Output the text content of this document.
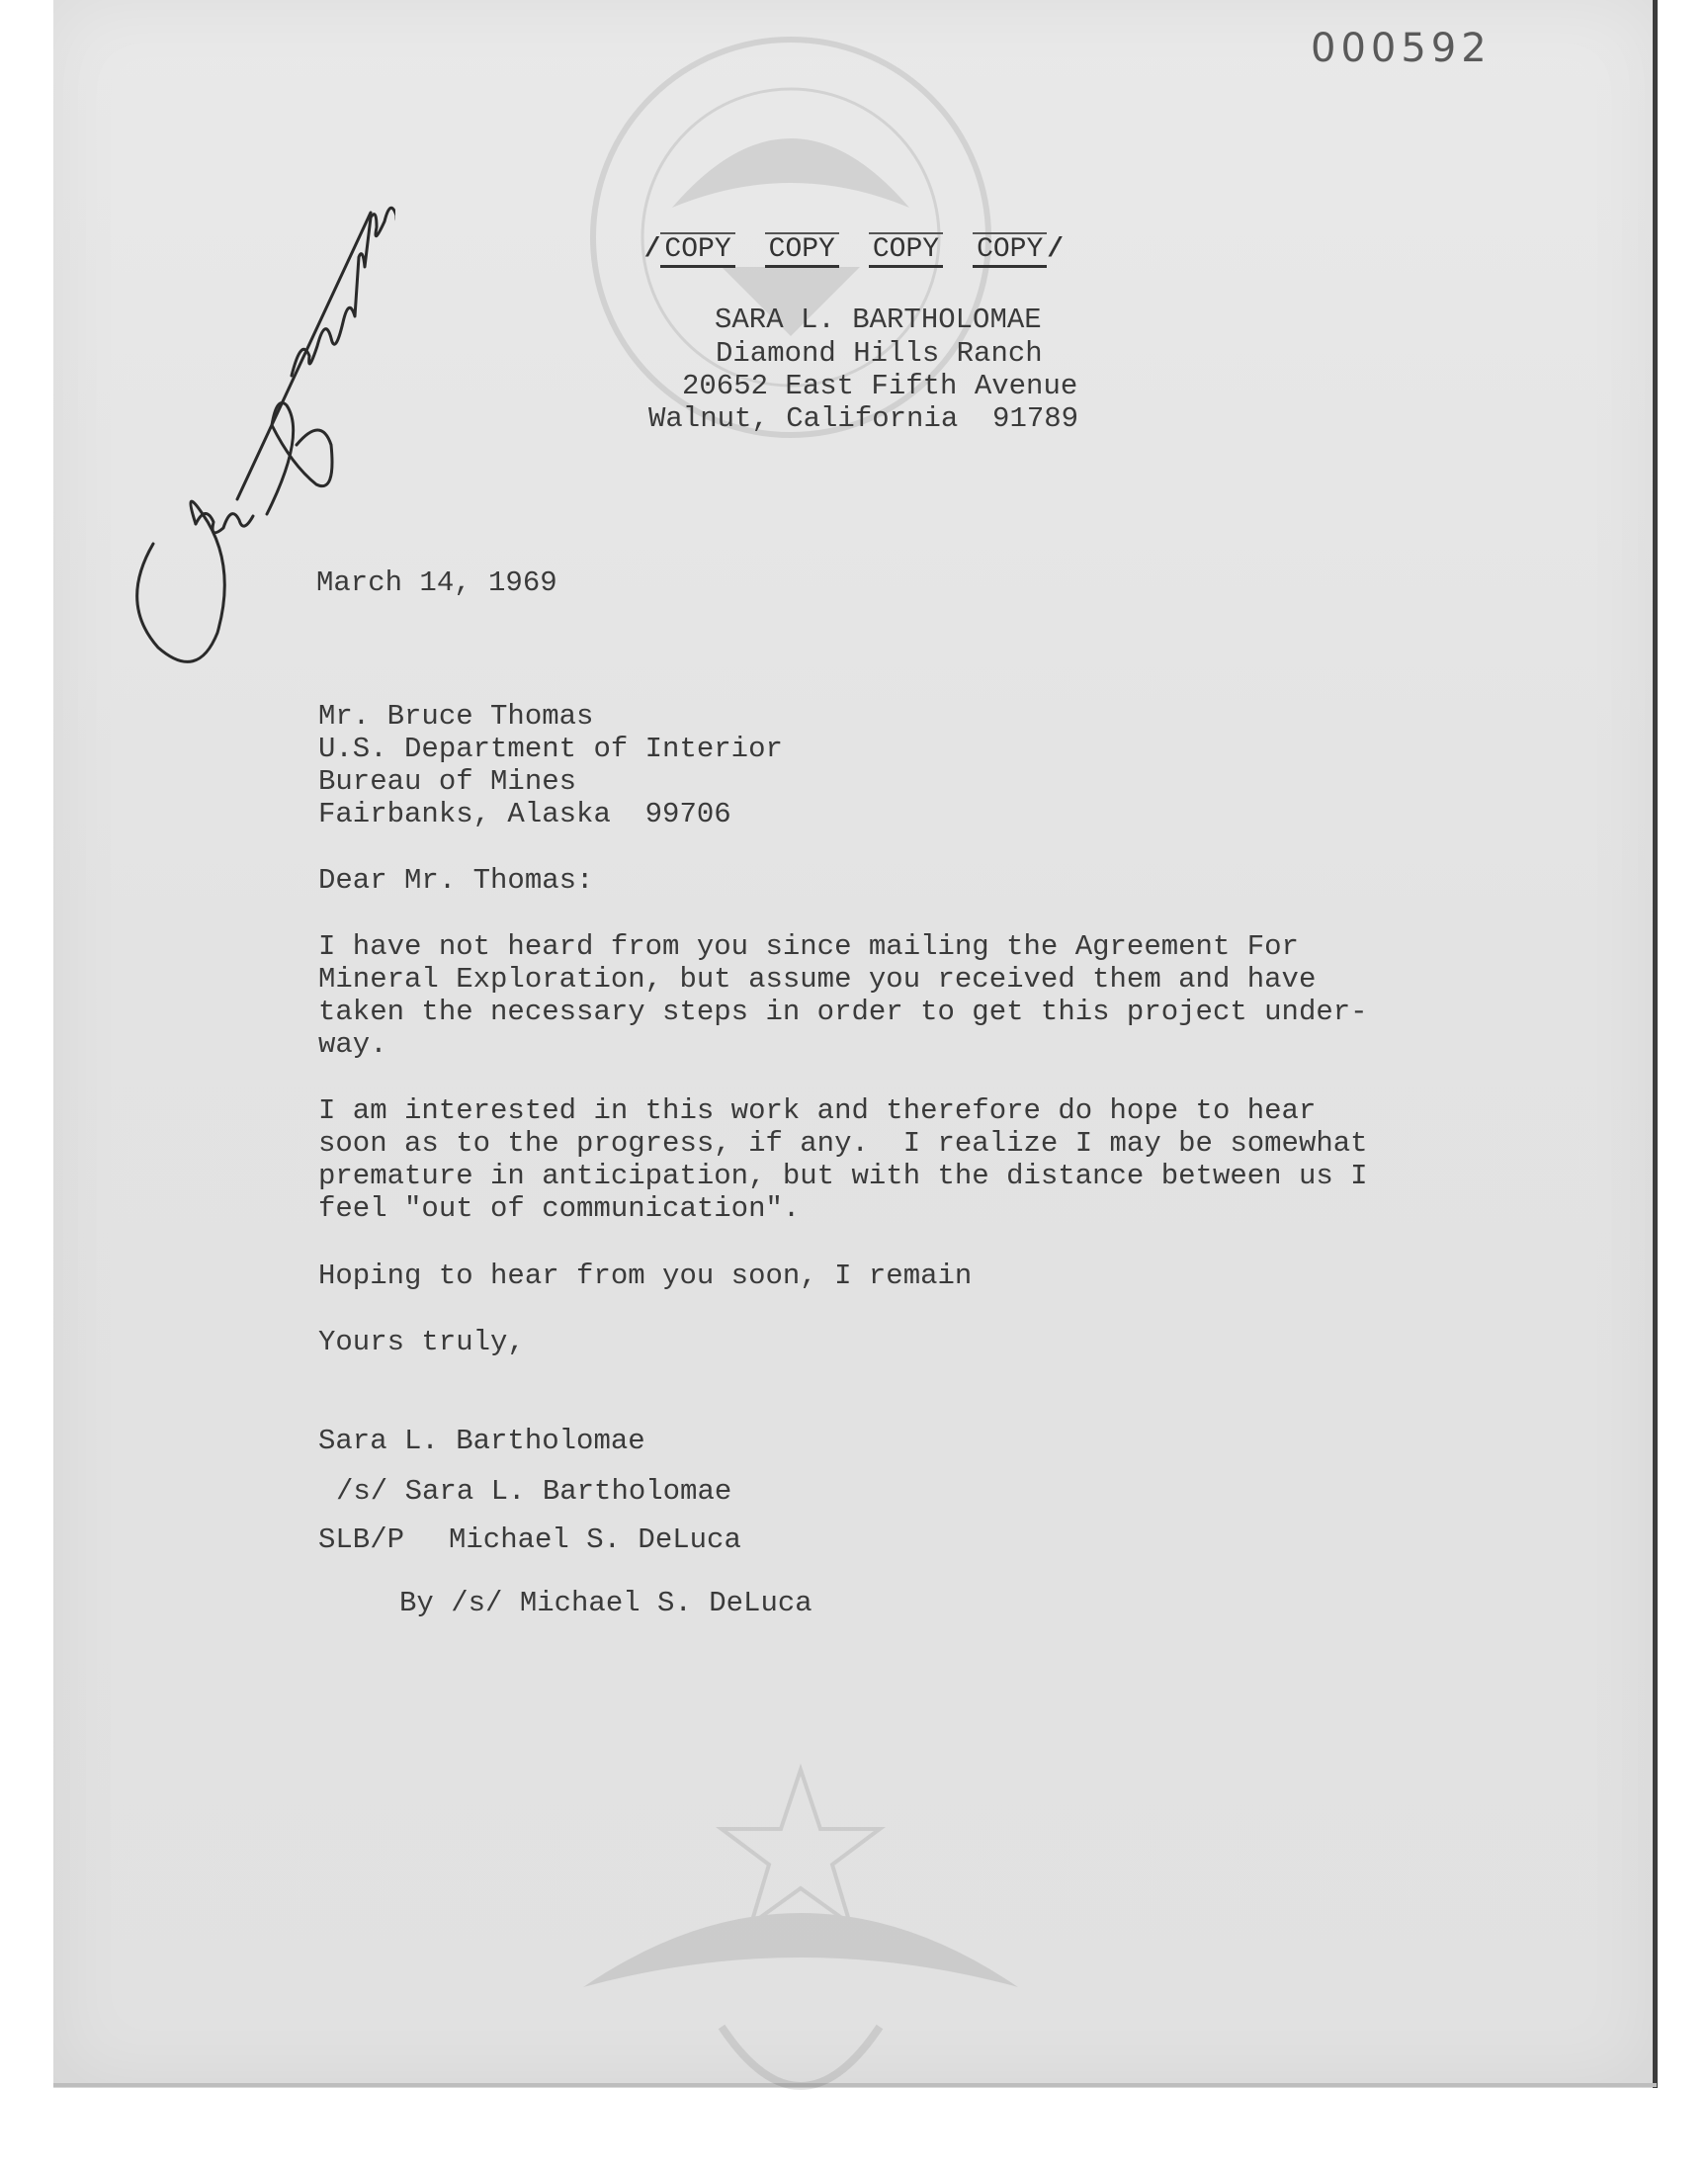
000592

/ COPY COPY COPY COPY /

SARA L. BARTHOLOMAE
Diamond Hills Ranch
20652 East Fifth Avenue
Walnut, California  91789
March 14, 1969
Mr. Bruce Thomas
U.S. Department of Interior
Bureau of Mines
Fairbanks, Alaska  99706
Dear Mr. Thomas:
I have not heard from you since mailing the Agreement For
Mineral Exploration, but assume you received them and have
taken the necessary steps in order to get this project under-
way.
I am interested in this work and therefore do hope to hear
soon as to the progress, if any.  I realize I may be somewhat
premature in anticipation, but with the distance between us I
feel "out of communication".
Hoping to hear from you soon, I remain
Yours truly,
Sara L. Bartholomae
/s/ Sara L. Bartholomae
SLB/P Michael S. DeLuca
By /s/ Michael S. DeLuca
